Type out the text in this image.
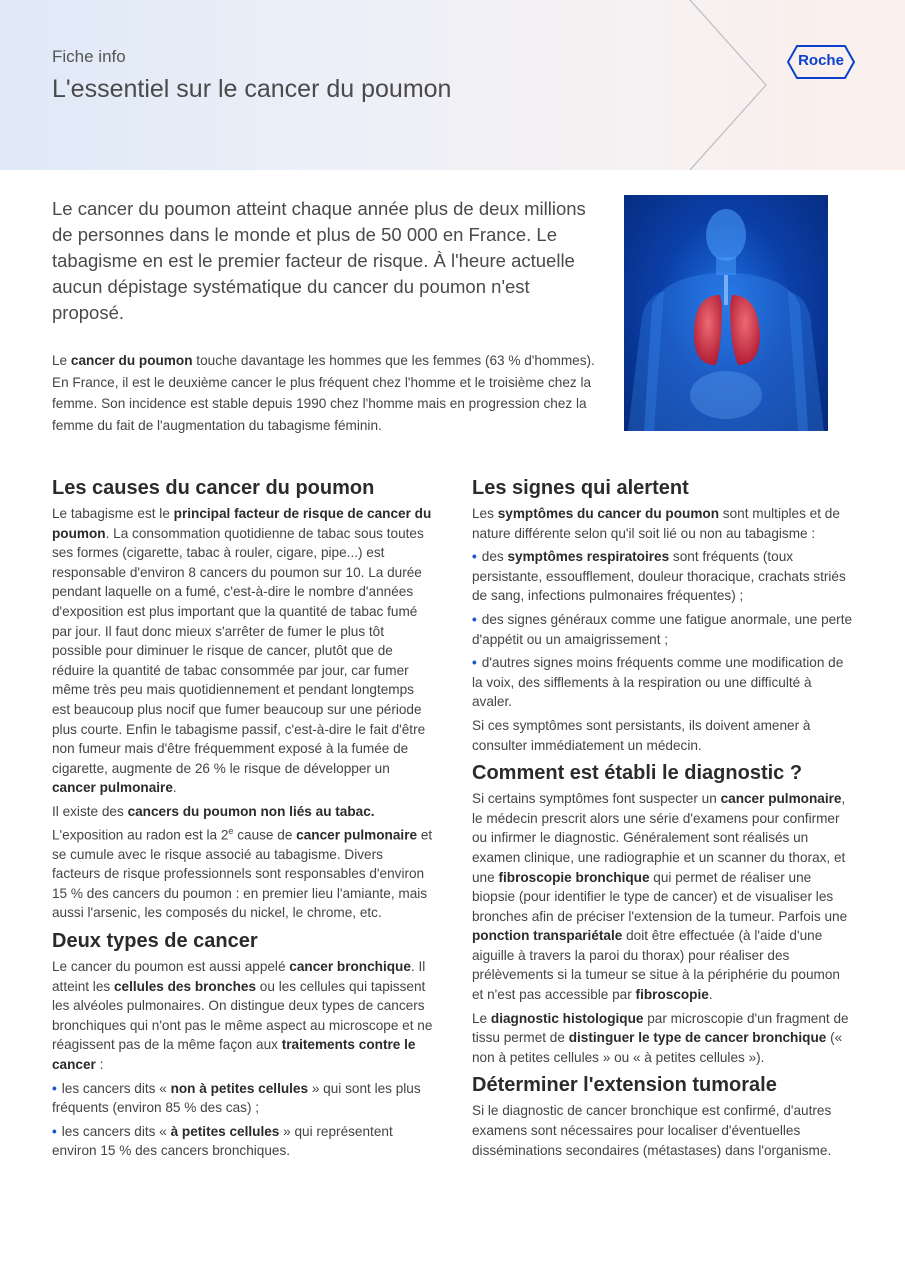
Fiche info
L'essentiel sur le cancer du poumon
Roche

Le cancer du poumon atteint chaque année plus de deux millions de personnes dans le monde et plus de 50 000 en France. Le tabagisme en est le premier facteur de risque. À l'heure actuelle aucun dépistage systématique du cancer du poumon n'est proposé.

Le cancer du poumon touche davantage les hommes que les femmes (63 % d'hommes). En France, il est le deuxième cancer le plus fréquent chez l'homme et le troisième chez la femme. Son incidence est stable depuis 1990 chez l'homme mais en progression chez la femme du fait de l'augmentation du tabagisme féminin.

Les causes du cancer du poumon

Le tabagisme est le principal facteur de risque de cancer du poumon. La consommation quotidienne de tabac sous toutes ses formes (cigarette, tabac à rouler, cigare, pipe...) est responsable d'environ 8 cancers du poumon sur 10. La durée pendant laquelle on a fumé, c'est-à-dire le nombre d'années d'exposition est plus important que la quantité de tabac fumé par jour. Il faut donc mieux s'arrêter de fumer le plus tôt possible pour diminuer le risque de cancer, plutôt que de réduire la quantité de tabac consommée par jour, car fumer même très peu mais quotidiennement et pendant longtemps est beaucoup plus nocif que fumer beaucoup sur une période plus courte. Enfin le tabagisme passif, c'est-à-dire le fait d'être non fumeur mais d'être fréquemment exposé à la fumée de cigarette, augmente de 26 % le risque de développer un cancer pulmonaire.

Il existe des cancers du poumon non liés au tabac. L'exposition au radon est la 2e cause de cancer pulmonaire et se cumule avec le risque associé au tabagisme. Divers facteurs de risque professionnels sont responsables d'environ 15 % des cancers du poumon : en premier lieu l'amiante, mais aussi l'arsenic, les composés du nickel, le chrome, etc.

Deux types de cancer

Le cancer du poumon est aussi appelé cancer bronchique. Il atteint les cellules des bronches ou les cellules qui tapissent les alvéoles pulmonaires. On distingue deux types de cancers bronchiques qui n'ont pas le même aspect au microscope et ne réagissent pas de la même façon aux traitements contre le cancer :

• les cancers dits « non à petites cellules » qui sont les plus fréquents (environ 85 % des cas) ;

• les cancers dits « à petites cellules » qui représentent environ 15 % des cancers bronchiques.

Les signes qui alertent

Les symptômes du cancer du poumon sont multiples et de nature différente selon qu'il soit lié ou non au tabagisme :

• des symptômes respiratoires sont fréquents (toux persistante, essoufflement, douleur thoracique, crachats striés de sang, infections pulmonaires fréquentes) ;

• des signes généraux comme une fatigue anormale, une perte d'appétit ou un amaigrissement ;

• d'autres signes moins fréquents comme une modification de la voix, des sifflements à la respiration ou une difficulté à avaler.

Si ces symptômes sont persistants, ils doivent amener à consulter immédiatement un médecin.

Comment est établi le diagnostic ?

Si certains symptômes font suspecter un cancer pulmonaire, le médecin prescrit alors une série d'examens pour confirmer ou infirmer le diagnostic. Généralement sont réalisés un examen clinique, une radiographie et un scanner du thorax, et une fibroscopie bronchique qui permet de réaliser une biopsie (pour identifier le type de cancer) et de visualiser les bronches afin de préciser l'extension de la tumeur. Parfois une ponction transpariétale doit être effectuée (à l'aide d'une aiguille à travers la paroi du thorax) pour réaliser des prélèvements si la tumeur se situe à la périphérie du poumon et n'est pas accessible par fibroscopie.

Le diagnostic histologique par microscopie d'un fragment de tissu permet de distinguer le type de cancer bronchique (« non à petites cellules » ou « à petites cellules »).

Déterminer l'extension tumorale

Si le diagnostic de cancer bronchique est confirmé, d'autres examens sont nécessaires pour localiser d'éventuelles disséminations secondaires (métastases) dans l'organisme.
